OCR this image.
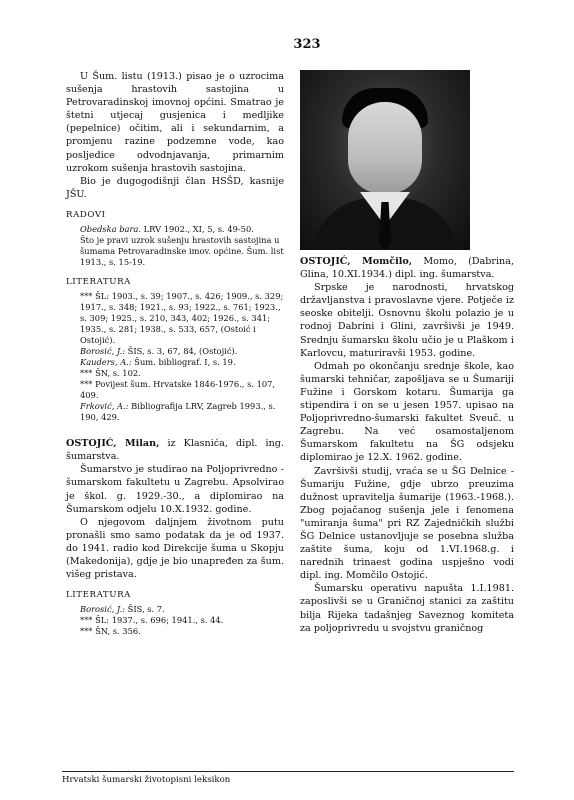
323

U Šum. listu (1913.) pisao je o uzrocima sušenja hrastovih sastojina u Petrovaradinskoj imovnoj općini. Smatrao je štetni utjecaj gusjenica i medljike (pepelnice) očitim, ali i sekundarnim, a promjenu razine podzemne vode, kao posljedice odvodnjavanja, primarnim uzrokom sušenja hrastovih sastojina.

Bio je dugogodišnji član HSŠD, kasnije JŠU.

RADOVI

Obedska bara. LRV 1902., XI, 5, s. 49-50.

Što je pravi uzrok sušenju hrastovih sastojina u šumama Petrovaradinske imov. općine. Šum. list 1913., s. 15-19.

LITERATURA

*** ŠL: 1903., s. 39; 1907., s. 426; 1909., s. 329; 1917., s. 348; 1921., s. 93; 1922., s. 761; 1923., s. 309; 1925., s. 210, 343, 402; 1926., s. 341; 1935., s. 281; 1938., s. 533, 657, (Ostoić i Ostojić).

Borosić, J.: ŠIS, s. 3, 67, 84, (Ostojić).

Kauders, A.: Šum. bibliograf. I, s. 19.

*** ŠN, s. 102.

*** Povijest šum. Hrvatske 1846-1976., s. 107, 409.

Frković, A.: Bibliografija LRV, Zagreb 1993., s. 190, 429.

OSTOJIĆ, Milan, iz Klasnića, dipl. ing. šumarstva.

Šumarstvo je studirao na Poljoprivredno - šumarskom fakultetu u Zagrebu. Apsolvirao je škol. g. 1929.-30., a diplomirao na Šumarskom odjelu 10.X.1932. godine.

O njegovom daljnjem životnom putu pronašli smo samo podatak da je od 1937. do 1941. radio kod Direkcije šuma u Skopju (Makedonija), gdje je bio unapređen za šum. višeg pristava.

LITERATURA

Borosić, J.: ŠIS, s. 7.

*** ŠL: 1937., s. 696; 1941., s. 44.

*** ŠN, s. 356.

OSTOJIĆ, Momčilo, Momo, (Dabrina, Glina, 10.XI.1934.) dipl. ing. šumarstva.

Srpske je narodnosti, hrvatskog državljanstva i pravoslavne vjere. Potječe iz seoske obitelji. Osnovnu školu polazio je u rodnoj Dabrini i Glini, završivši je 1949. Srednju šumarsku školu učio je u Plaškom i Karlovcu, maturiravši 1953. godine.

Odmah po okončanju srednje škole, kao šumarski tehničar, zapošljava se u Šumariji Fužine i Gorskom kotaru. Šumarija ga stipendira i on se u jesen 1957. upisao na Poljoprivredno-šumarski fakultet Sveuč. u Zagrebu. Na već osamostaljenom Šumarskom fakultetu na ŠG odsjeku diplomirao je 12.X. 1962. godine.

Završivši studij, vraća se u ŠG Delnice - Šumariju Fužine, gdje ubrzo preuzima dužnost upravitelja šumarije (1963.-1968.). Zbog pojačanog sušenja jele i fenomena "umiranja šuma" pri RZ Zajedničkih službi ŠG Delnice ustanovljuje se posebna služba zaštite šuma, koju od 1.VI.1968.g. i narednih trinaest godina uspješno vodi dipl. ing. Momčilo Ostojić.

Šumarsku operativu napušta 1.I.1981. zaposlivši se u Graničnoj stanici za zaštitu bilja Rijeka tadašnjeg Saveznog komiteta za poljoprivredu u svojstvu graničnog

Hrvatski šumarski životopisni leksikon
